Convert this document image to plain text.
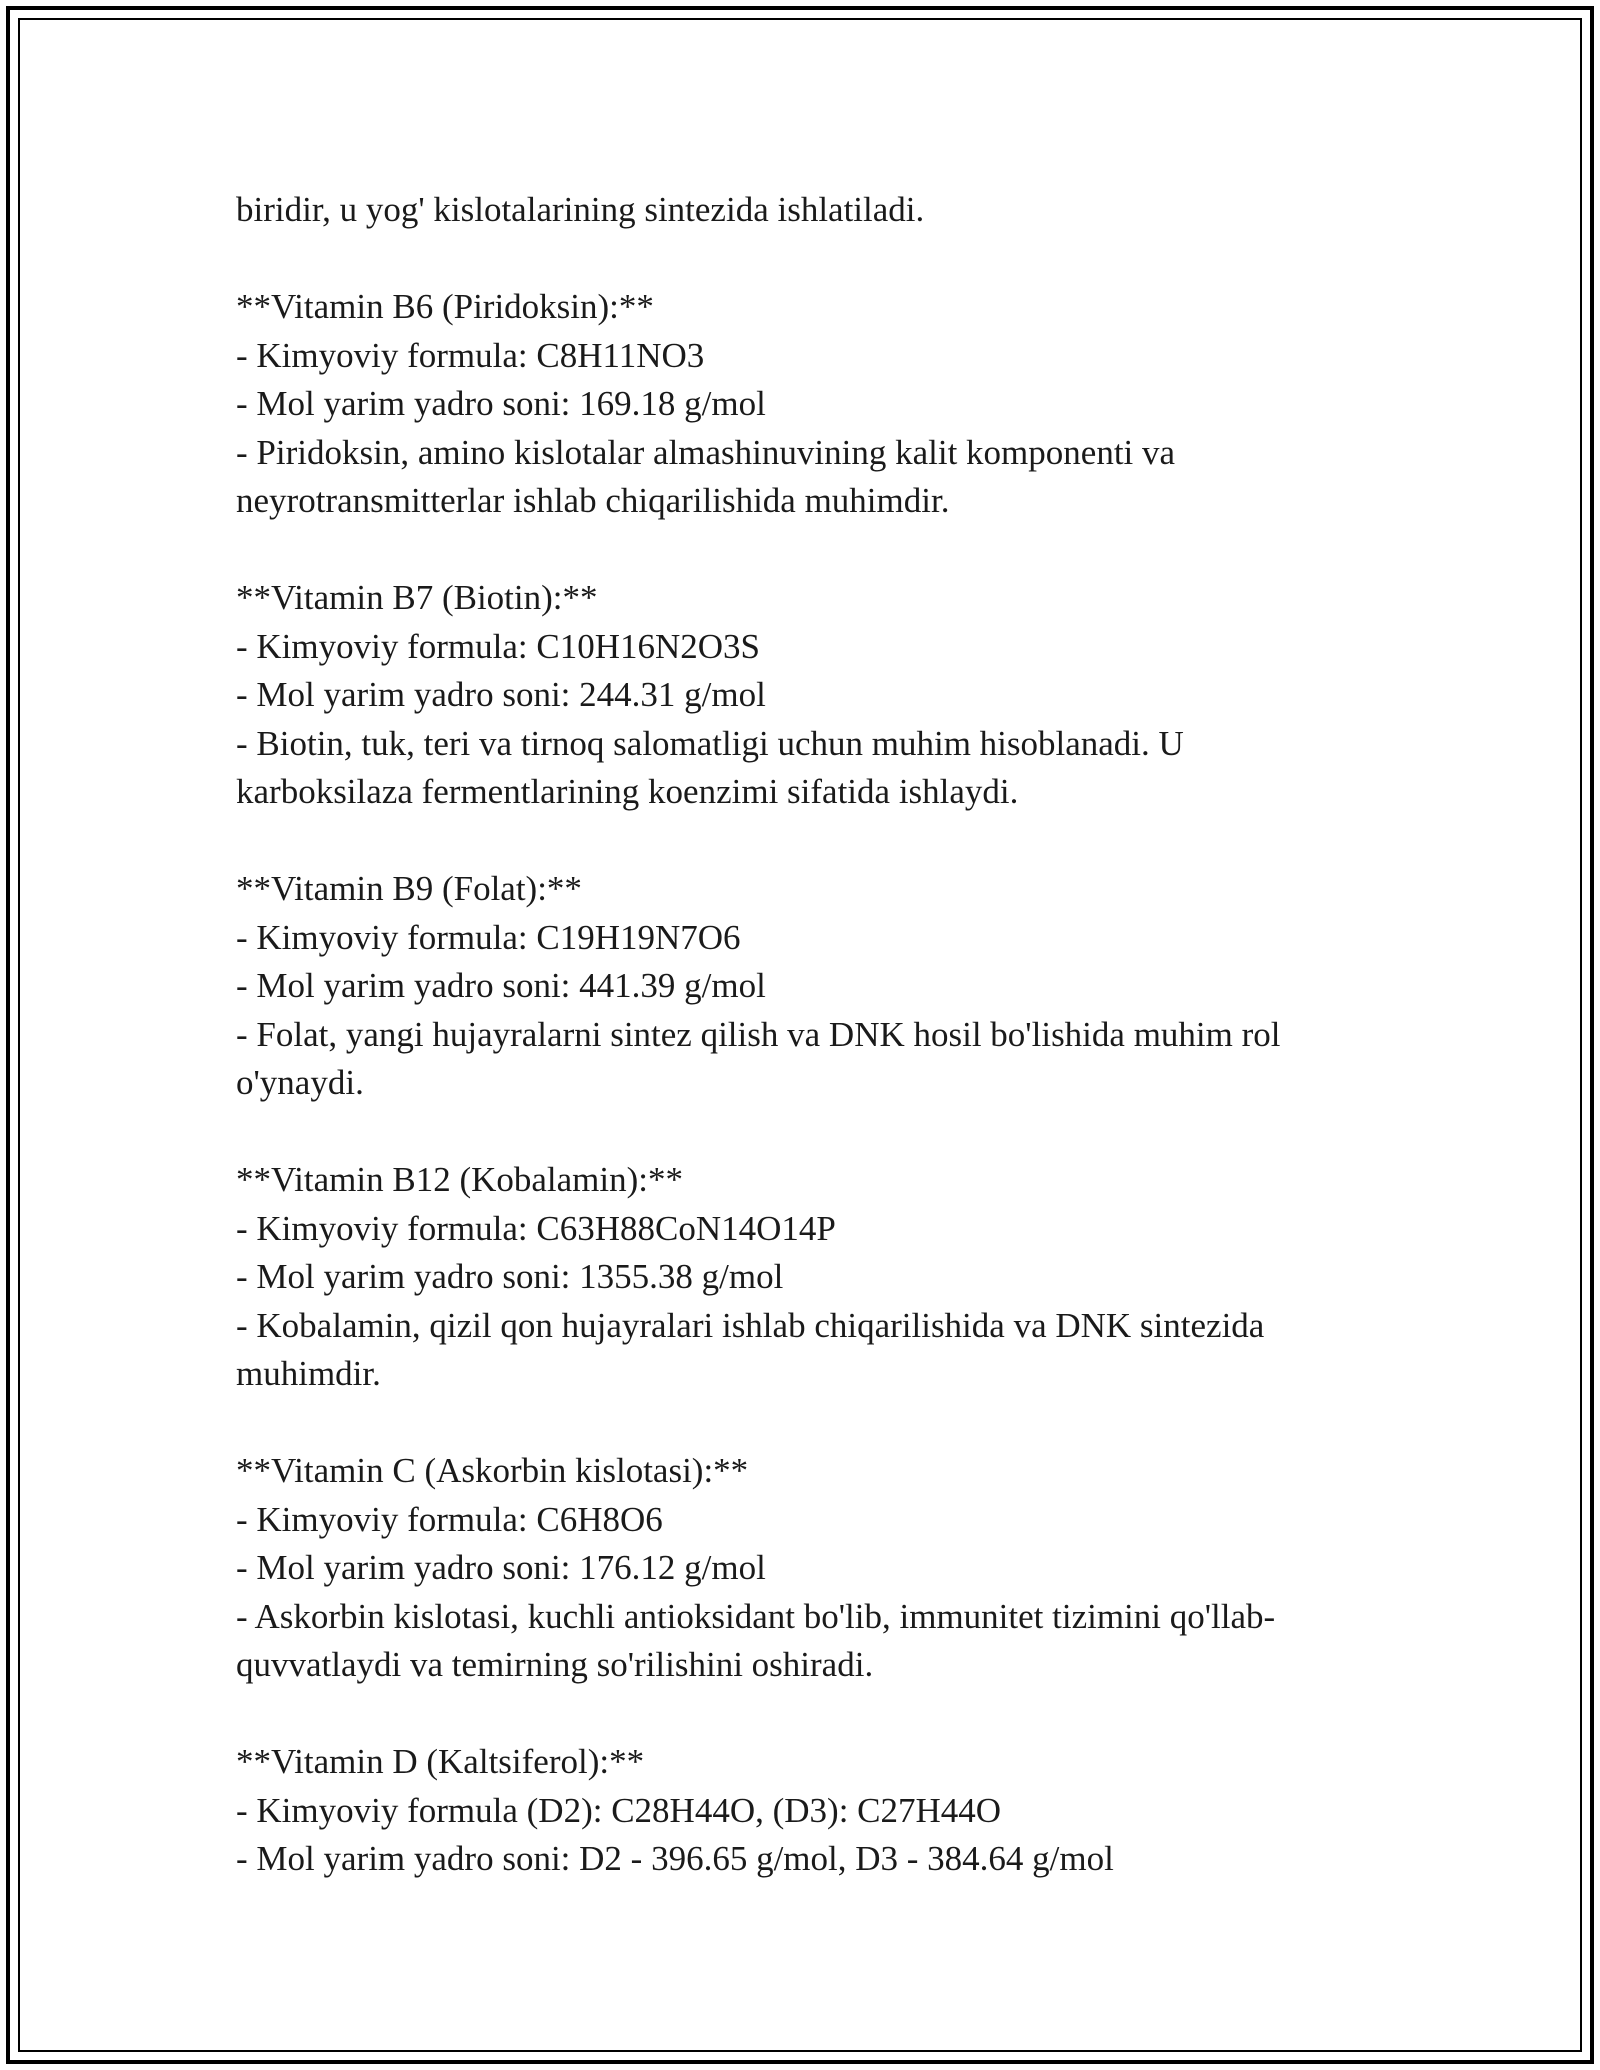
biridir, u yog' kislotalarining sintezida ishlatiladi.

**Vitamin B6 (Piridoksin):**

- Kimyoviy formula: C8H11NO3

- Mol yarim yadro soni: 169.18 g/mol

- Piridoksin, amino kislotalar almashinuvining kalit komponenti va

neyrotransmitterlar ishlab chiqarilishida muhimdir.

**Vitamin B7 (Biotin):**

- Kimyoviy formula: C10H16N2O3S

- Mol yarim yadro soni: 244.31 g/mol

- Biotin, tuk, teri va tirnoq salomatligi uchun muhim hisoblanadi. U

karboksilaza fermentlarining koenzimi sifatida ishlaydi.

**Vitamin B9 (Folat):**

- Kimyoviy formula: C19H19N7O6

- Mol yarim yadro soni: 441.39 g/mol

- Folat, yangi hujayralarni sintez qilish va DNK hosil bo'lishida muhim rol

o'ynaydi.

**Vitamin B12 (Kobalamin):**

- Kimyoviy formula: C63H88CoN14O14P

- Mol yarim yadro soni: 1355.38 g/mol

- Kobalamin, qizil qon hujayralari ishlab chiqarilishida va DNK sintezida

muhimdir.

**Vitamin C (Askorbin kislotasi):**

- Kimyoviy formula: C6H8O6

- Mol yarim yadro soni: 176.12 g/mol

- Askorbin kislotasi, kuchli antioksidant bo'lib, immunitet tizimini qo'llab-

quvvatlaydi va temirning so'rilishini oshiradi.

**Vitamin D (Kaltsiferol):**

- Kimyoviy formula (D2): C28H44O, (D3): C27H44O

- Mol yarim yadro soni: D2 - 396.65 g/mol, D3 - 384.64 g/mol
